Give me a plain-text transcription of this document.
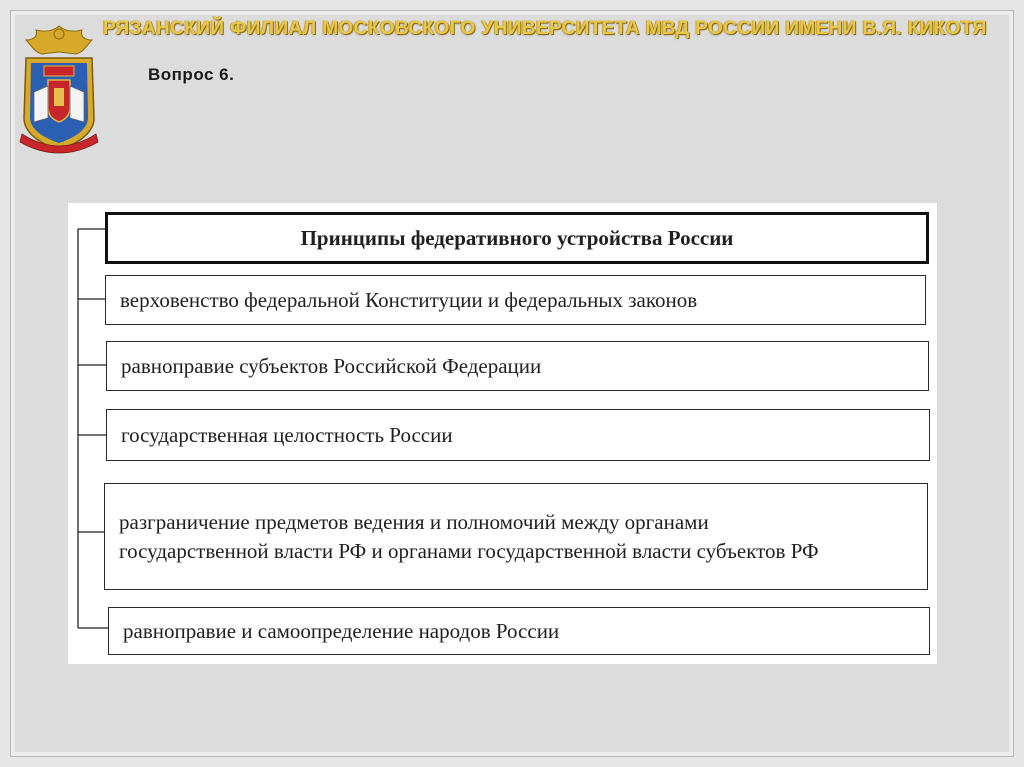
РЯЗАНСКИЙ ФИЛИАЛ МОСКОВСКОГО УНИВЕРСИТЕТА МВД РОССИИ ИМЕНИ В.Я. КИКОТЯ
Вопрос 6.
Принципы федеративного устройства России
верховенство федеральной Конституции и федеральных законов
равноправие субъектов Российской Федерации
государственная целостность России
разграничение предметов ведения и полномочий между органами государственной власти РФ и органами государственной власти субъектов РФ
равноправие и самоопределение народов России
